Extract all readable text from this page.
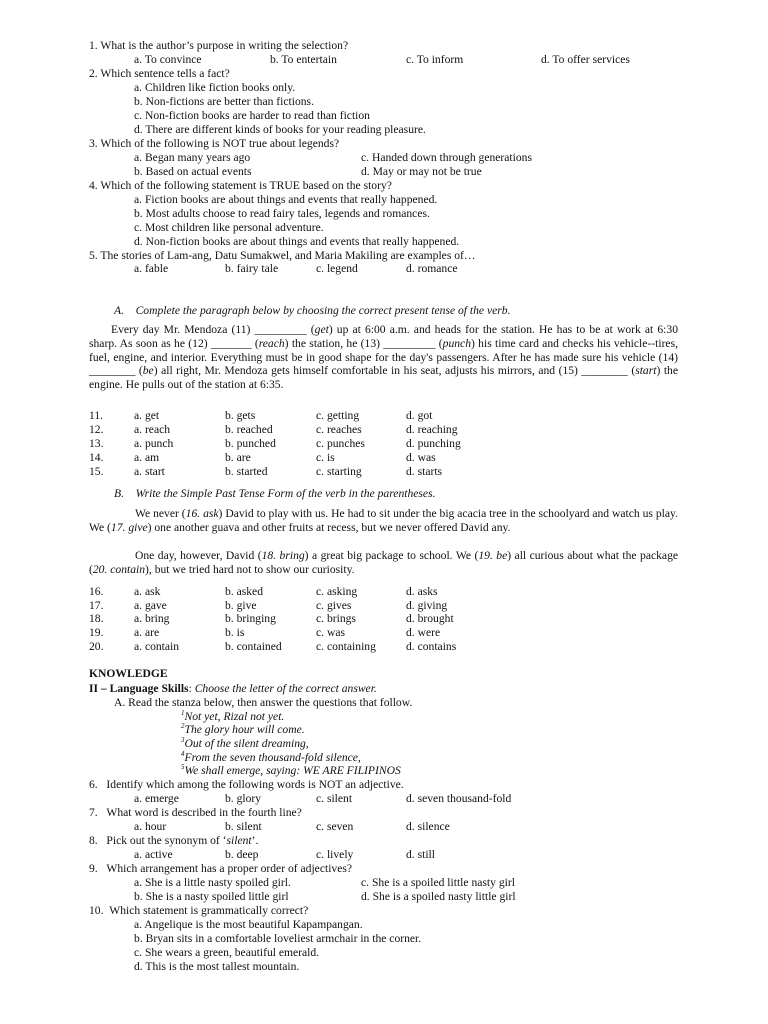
1. What is the author’s purpose in writing the selection?
a. To convince	b. To entertain	c. To inform	d. To offer services
2. Which sentence tells a fact?
a. Children like fiction books only.
b. Non-fictions are better than fictions.
c. Non-fiction books are harder to read than fiction
d. There are different kinds of books for your reading pleasure.
3. Which of the following is NOT true about legends?
a. Began many years ago	c. Handed down through generations
b. Based on actual events	d. May or may not be true
4. Which of the following statement is TRUE based on the story?
a. Fiction books are about things and events that really happened.
b. Most adults choose to read fairy tales, legends and romances.
c. Most children like personal adventure.
d. Non-fiction books are about things and events that really happened.
5. The stories of Lam-ang, Datu Sumakwel, and Maria Makiling are examples of…
a. fable	b. fairy tale	c. legend	d. romance
A. Complete the paragraph below by choosing the correct present tense of the verb.
Every day Mr. Mendoza (11) _________ (get) up at 6:00 a.m. and heads for the station. He has to be at work at 6:30 sharp. As soon as he (12) _______ (reach) the station, he (13) _________ (punch) his time card and checks his vehicle--tires, fuel, engine, and interior. Everything must be in good shape for the day's passengers. After he has made sure his vehicle (14) ________ (be) all right, Mr. Mendoza gets himself comfortable in his seat, adjusts his mirrors, and (15) ________ (start) the engine. He pulls out of the station at 6:35.
11.	a. get	b. gets	c. getting	d. got
12.	a. reach	b. reached	c. reaches	d. reaching
13.	a. punch	b. punched	c. punches	d. punching
14.	a. am	b. are	c. is	d. was
15.	a. start	b. started	c. starting	d. starts
B. Write the Simple Past Tense Form of the verb in the parentheses.
We never (16. ask) David to play with us. He had to sit under the big acacia tree in the schoolyard and watch us play. We (17. give) one another guava and other fruits at recess, but we never offered David any.
One day, however, David (18. bring) a great big package to school. We (19. be) all curious about what the package (20. contain), but we tried hard not to show our curiosity.
16.	a. ask	b. asked	c. asking	d. asks
17.	a. gave	b. give	c. gives	d. giving
18.	a. bring	b. bringing	c. brings	d. brought
19.	a. are	b. is	c. was	d. were
20.	a. contain	b. contained	c. containing	d. contains
KNOWLEDGE
II – Language Skills: Choose the letter of the correct answer.
A. Read the stanza below, then answer the questions that follow.
$^1$Not yet, Rizal not yet.
$^2$The glory hour will come.
$^3$Out of the silent dreaming,
$^4$From the seven thousand-fold silence,
$^5$We shall emerge, saying: WE ARE FILIPINOS
6. Identify which among the following words is NOT an adjective.
a. emerge	b. glory	c. silent	d. seven thousand-fold
7. What word is described in the fourth line?
a. hour	b. silent	c. seven	d. silence
8. Pick out the synonym of ‘silent’.
a. active	b. deep	c. lively	d. still
9. Which arrangement has a proper order of adjectives?
a. She is a little nasty spoiled girl.	c. She is a spoiled little nasty girl
b. She is a nasty spoiled little girl	d. She is a spoiled nasty little girl
10. Which statement is grammatically correct?
a. Angelique is the most beautiful Kapampangan.
b. Bryan sits in a comfortable loveliest armchair in the corner.
c. She wears a green, beautiful emerald.
d. This is the most tallest mountain.
